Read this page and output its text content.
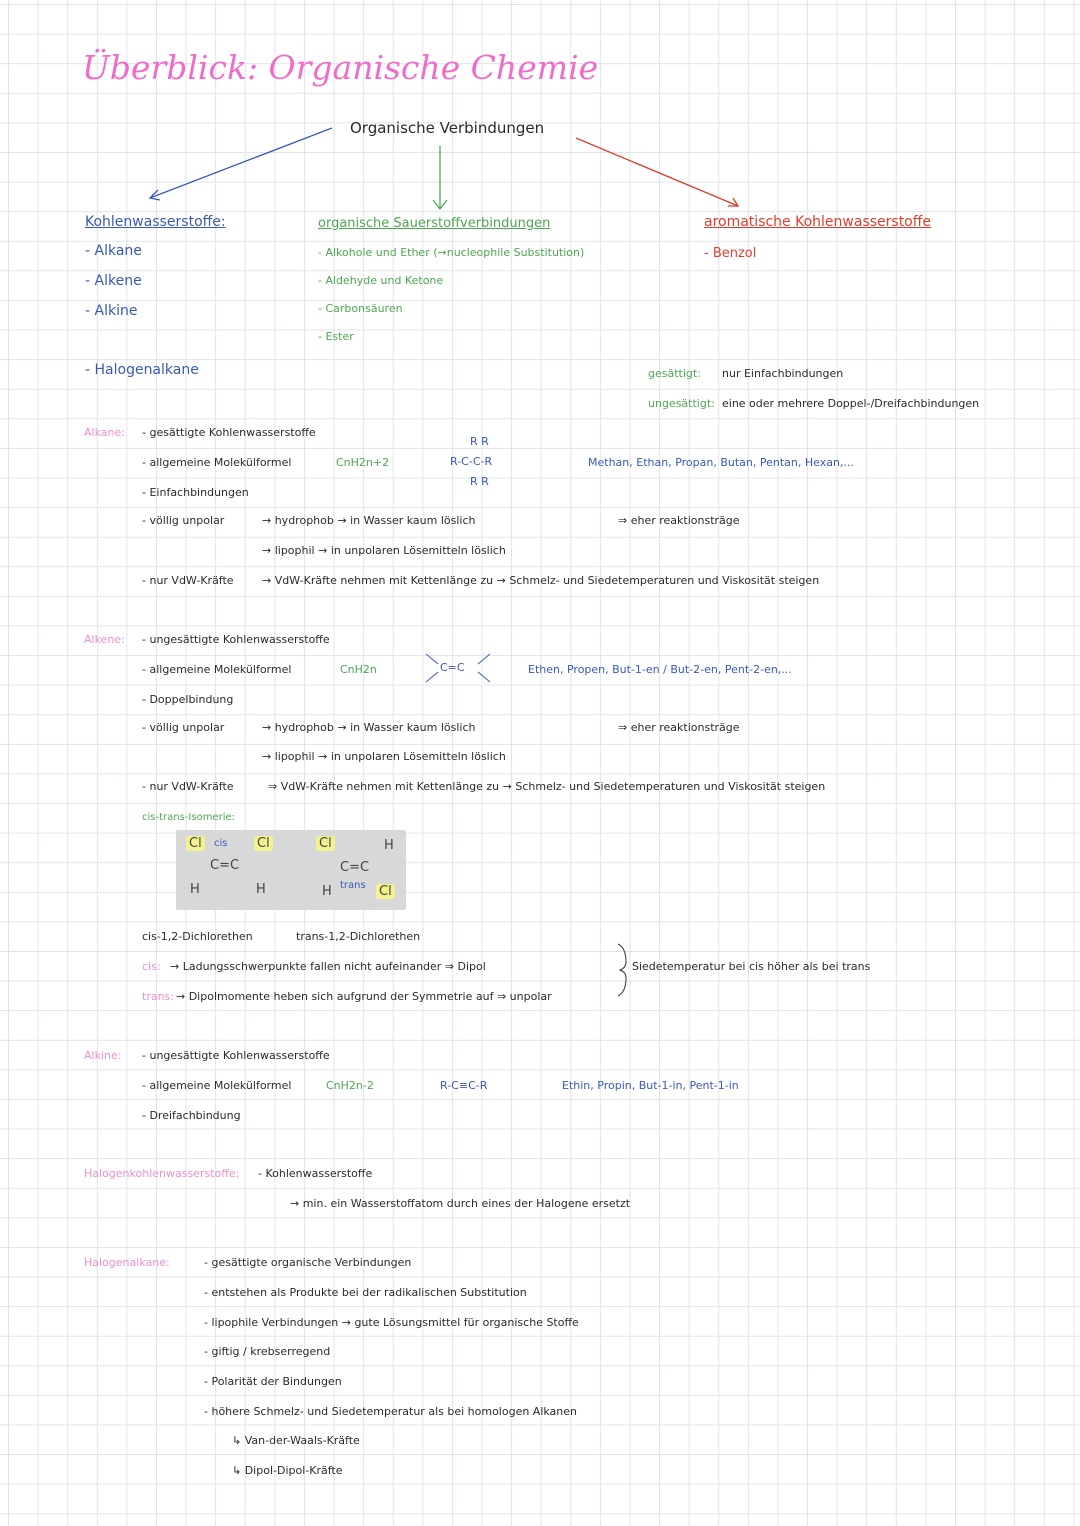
Überblick: Organische Chemie
Organische Verbindungen
Kohlenwasserstoffe:
- Alkane
- Alkene
- Alkine
- Halogenalkane
organische Sauerstoffverbindungen
- Alkohole und Ether (→nucleophile Substitution)
- Aldehyde und Ketone
- Carbonsäuren
- Ester
aromatische Kohlenwasserstoffe
- Benzol
gesättigt: nur Einfachbindungen
ungesättigt: eine oder mehrere Doppel-/Dreifachbindungen
Alkane: - gesättigte Kohlenwasserstoffe
- allgemeine Molekülformel	CnH2n+2
- Einfachbindungen
- völlig unpolar
- nur VdW-Kräfte
R R
R-C-C-R
R R
Methan, Ethan, Propan, Butan, Pentan, Hexan,...
→ hydrophob → in Wasser kaum löslich
→ lipophil → in unpolaren Lösemitteln löslich
⇒ eher reaktionsträge
→ VdW-Kräfte nehmen mit Kettenlänge zu → Schmelz- und Siedetemperaturen und Viskosität steigen
Alkene: - ungesättigte Kohlenwasserstoffe
- allgemeine Molekülformel	CnH2n
- Doppelbindung
- völlig unpolar
- nur VdW-Kräfte
C=C	Ethen, Propen, But-1-en / But-2-en, Pent-2-en,...
→ hydrophob → in Wasser kaum löslich
→ lipophil → in unpolaren Lösemitteln löslich
⇒ eher reaktionsträge
⇒ VdW-Kräfte nehmen mit Kettenlänge zu → Schmelz- und Siedetemperaturen und Viskosität steigen
cis-trans-Isomerie:
Cl	cis Cl
C=C
H	H
Cl	H
C=C
H trans Cl
cis-1,2-Dichlorethen	trans-1,2-Dichlorethen
cis: → Ladungsschwerpunkte fallen nicht aufeinander ⇒ Dipol
trans: → Dipolmomente heben sich aufgrund der Symmetrie auf ⇒ unpolar
Siedetemperatur bei cis höher als bei trans
Alkine: - ungesättigte Kohlenwasserstoffe
- allgemeine Molekülformel	CnH2n-2
- Dreifachbindung
R-C≡C-R	Ethin, Propin, But-1-in, Pent-1-in
Halogenkohlenwasserstoffe: - Kohlenwasserstoffe
→ min. ein Wasserstoffatom durch eines der Halogene ersetzt
Halogenalkane:	- gesättigte organische Verbindungen
- entstehen als Produkte bei der radikalischen Substitution
- lipophile Verbindungen → gute Lösungsmittel für organische Stoffe
- giftig / krebserregend
- Polarität der Bindungen
- höhere Schmelz- und Siedetemperatur als bei homologen Alkanen
↳ Van-der-Waals-Kräfte
↳ Dipol-Dipol-Kräfte
